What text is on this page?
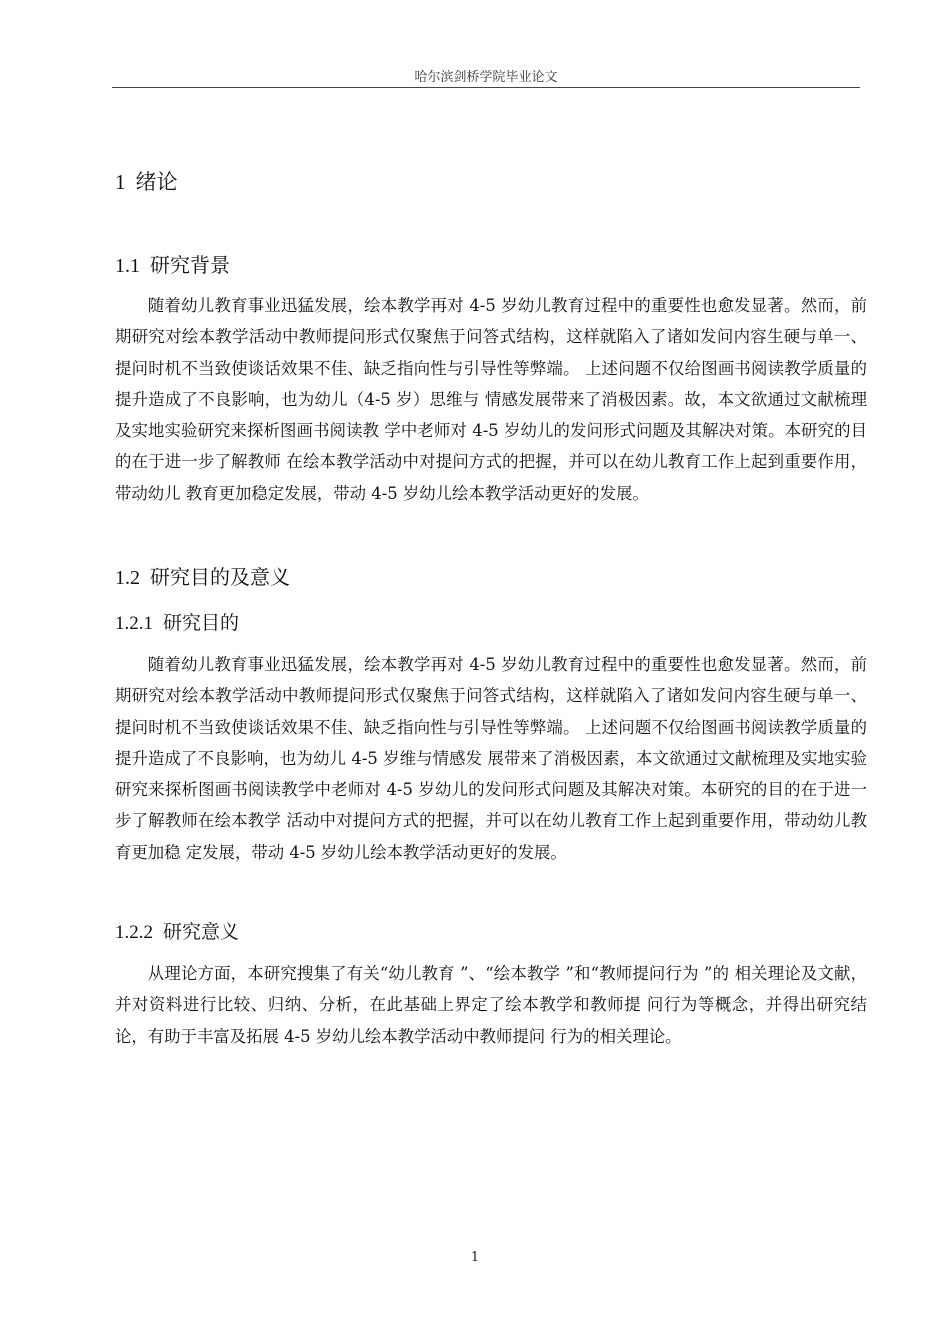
哈尔滨剑桥学院毕业论文
1 绪论
1.1 研究背景

随着幼儿教育事业迅猛发展，绘本教学再对 4-5 岁幼儿教育过程中的重要性也愈发显著。然而，前期研究对绘本教学活动中教师提问形式仅聚焦于问答式结构，这样就陷入了诸如发问内容生硬与单一、提问时机不当致使谈话效果不佳、缺乏指向性与引导性等弊端。 上述问题不仅给图画书阅读教学质量的提升造成了不良影响，也为幼儿（4-5 岁）思维与 情感发展带来了消极因素。故，本文欲通过文献梳理及实地实验研究来探析图画书阅读教 学中老师对 4-5 岁幼儿的发问形式问题及其解决对策。本研究的目的在于进一步了解教师 在绘本教学活动中对提问方式的把握，并可以在幼儿教育工作上起到重要作用，带动幼儿 教育更加稳定发展，带动 4-5 岁幼儿绘本教学活动更好的发展。

1.2 研究目的及意义
1.2.1 研究目的

随着幼儿教育事业迅猛发展，绘本教学再对 4-5 岁幼儿教育过程中的重要性也愈发显著。然而，前期研究对绘本教学活动中教师提问形式仅聚焦于问答式结构，这样就陷入了诸如发问内容生硬与单一、提问时机不当致使谈话效果不佳、缺乏指向性与引导性等弊端。 上述问题不仅给图画书阅读教学质量的提升造成了不良影响，也为幼儿 4-5 岁维与情感发 展带来了消极因素，本文欲通过文献梳理及实地实验研究来探析图画书阅读教学中老师对 4-5 岁幼儿的发问形式问题及其解决对策。本研究的目的在于进一步了解教师在绘本教学 活动中对提问方式的把握，并可以在幼儿教育工作上起到重要作用，带动幼儿教育更加稳 定发展，带动 4-5 岁幼儿绘本教学活动更好的发展。

1.2.2 研究意义

从理论方面，本研究搜集了有关“幼儿教育 ”、“绘本教学 ”和“教师提问行为 ”的 相关理论及文献，并对资料进行比较、归纳、分析，在此基础上界定了绘本教学和教师提 问行为等概念，并得出研究结论，有助于丰富及拓展 4-5 岁幼儿绘本教学活动中教师提问 行为的相关理论。

1
